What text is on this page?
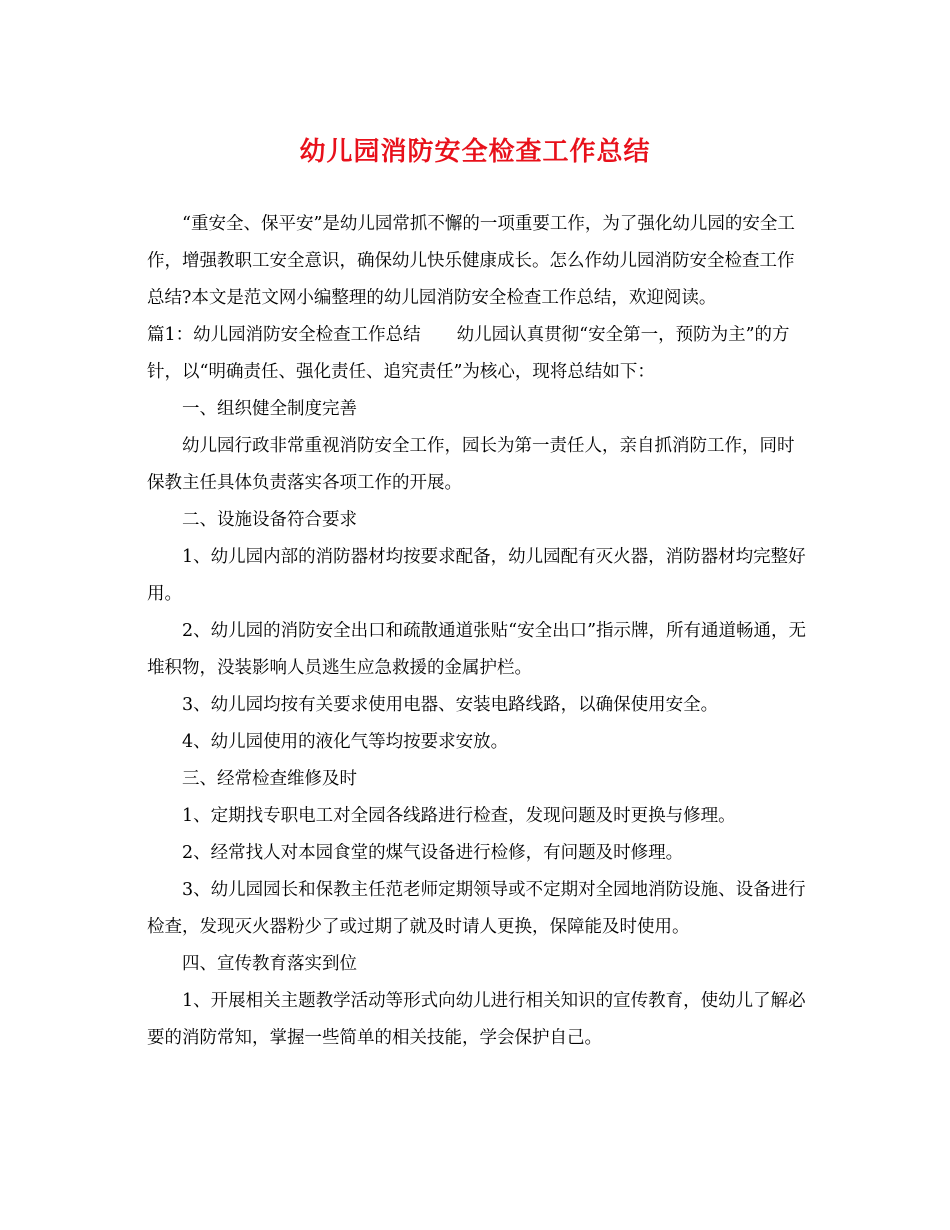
幼儿园消防安全检查工作总结

“重安全、保平安”是幼儿园常抓不懈的一项重要工作，为了强化幼儿园的安全工作，增强教职工安全意识，确保幼儿快乐健康成长。怎么作幼儿园消防安全检查工作总结?本文是范文网小编整理的幼儿园消防安全检查工作总结，欢迎阅读。

篇1：幼儿园消防安全检查工作总结 幼儿园认真贯彻“安全第一，预防为主”的方针，以“明确责任、强化责任、追究责任”为核心，现将总结如下：

一、组织健全制度完善

幼儿园行政非常重视消防安全工作，园长为第一责任人，亲自抓消防工作，同时保教主任具体负责落实各项工作的开展。

二、设施设备符合要求

1、幼儿园内部的消防器材均按要求配备，幼儿园配有灭火器，消防器材均完整好用。

2、幼儿园的消防安全出口和疏散通道张贴“安全出口”指示牌，所有通道畅通，无堆积物，没装影响人员逃生应急救援的金属护栏。

3、幼儿园均按有关要求使用电器、安装电路线路，以确保使用安全。

4、幼儿园使用的液化气等均按要求安放。

三、经常检查维修及时

1、定期找专职电工对全园各线路进行检查，发现问题及时更换与修理。

2、经常找人对本园食堂的煤气设备进行检修，有问题及时修理。

3、幼儿园园长和保教主任范老师定期领导或不定期对全园地消防设施、设备进行检查，发现灭火器粉少了或过期了就及时请人更换，保障能及时使用。

四、宣传教育落实到位

1、开展相关主题教学活动等形式向幼儿进行相关知识的宣传教育，使幼儿了解必要的消防常知，掌握一些简单的相关技能，学会保护自己。
